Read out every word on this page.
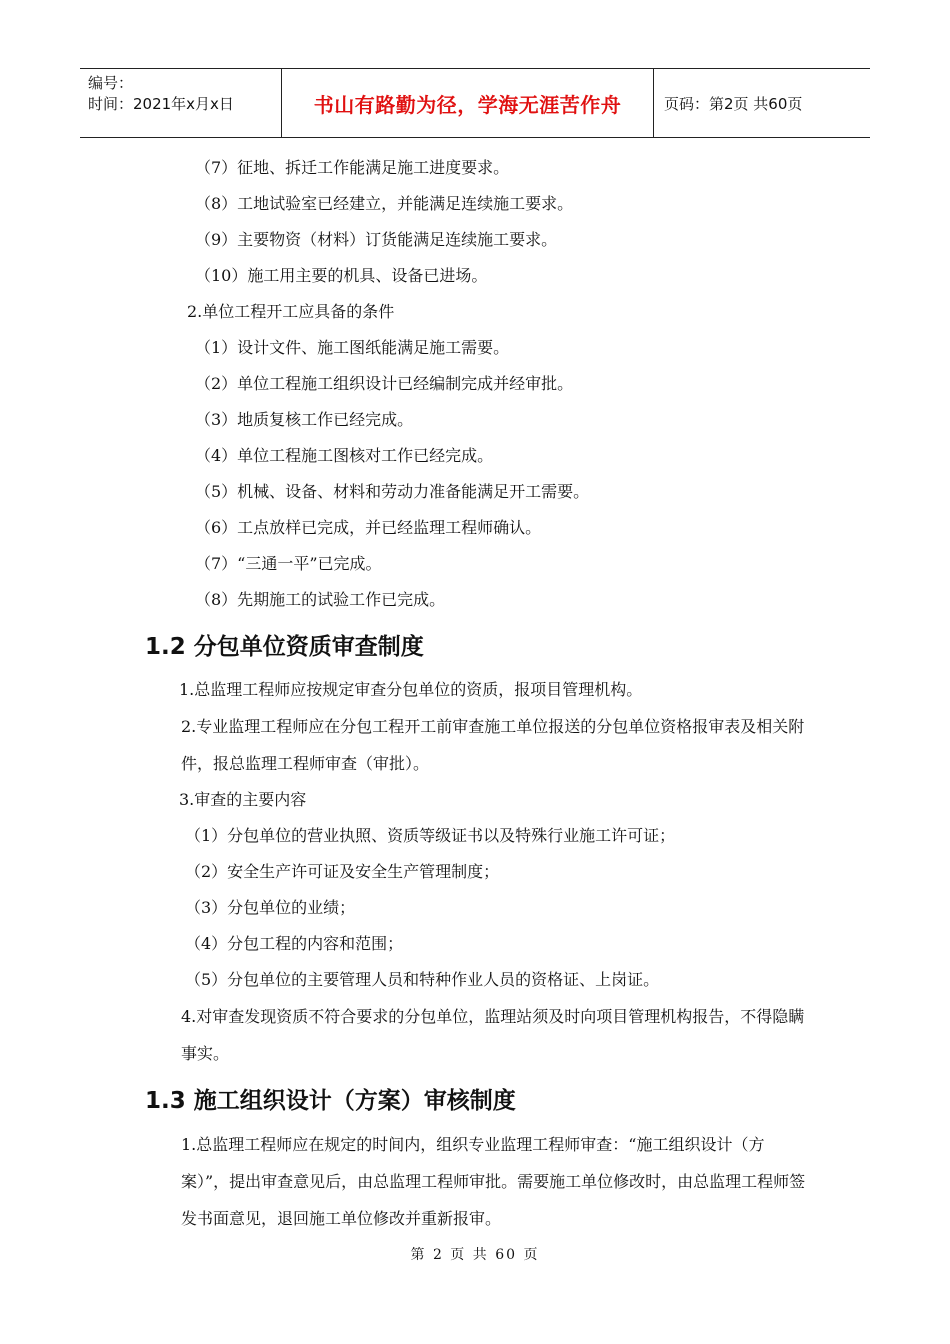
编号：
时间：2021年x月x日	书山有路勤为径，学海无涯苦作舟	页码：第2页 共60页

（7）征地、拆迁工作能满足施工进度要求。

（8）工地试验室已经建立，并能满足连续施工要求。

（9）主要物资（材料）订货能满足连续施工要求。

（10）施工用主要的机具、设备已进场。

2.单位工程开工应具备的条件

（1）设计文件、施工图纸能满足施工需要。

（2）单位工程施工组织设计已经编制完成并经审批。

（3）地质复核工作已经完成。

（4）单位工程施工图核对工作已经完成。

（5）机械、设备、材料和劳动力准备能满足开工需要。

（6）工点放样已完成，并已经监理工程师确认。

（7）“三通一平”已完成。

（8）先期施工的试验工作已完成。

1.2 分包单位资质审查制度

1.总监理工程师应按规定审查分包单位的资质，报项目管理机构。

2.专业监理工程师应在分包工程开工前审查施工单位报送的分包单位资格报审表及相关附件，报总监理工程师审查（审批）。

3.审查的主要内容

（1）分包单位的营业执照、资质等级证书以及特殊行业施工许可证；

（2）安全生产许可证及安全生产管理制度；

（3）分包单位的业绩；

（4）分包工程的内容和范围；

（5）分包单位的主要管理人员和特种作业人员的资格证、上岗证。

4.对审查发现资质不符合要求的分包单位，监理站须及时向项目管理机构报告，不得隐瞒事实。

1.3 施工组织设计（方案）审核制度

1.总监理工程师应在规定的时间内，组织专业监理工程师审查：“施工组织设计（方案）”，提出审查意见后，由总监理工程师审批。需要施工单位修改时，由总监理工程师签发书面意见，退回施工单位修改并重新报审。

第 2 页 共 60 页
